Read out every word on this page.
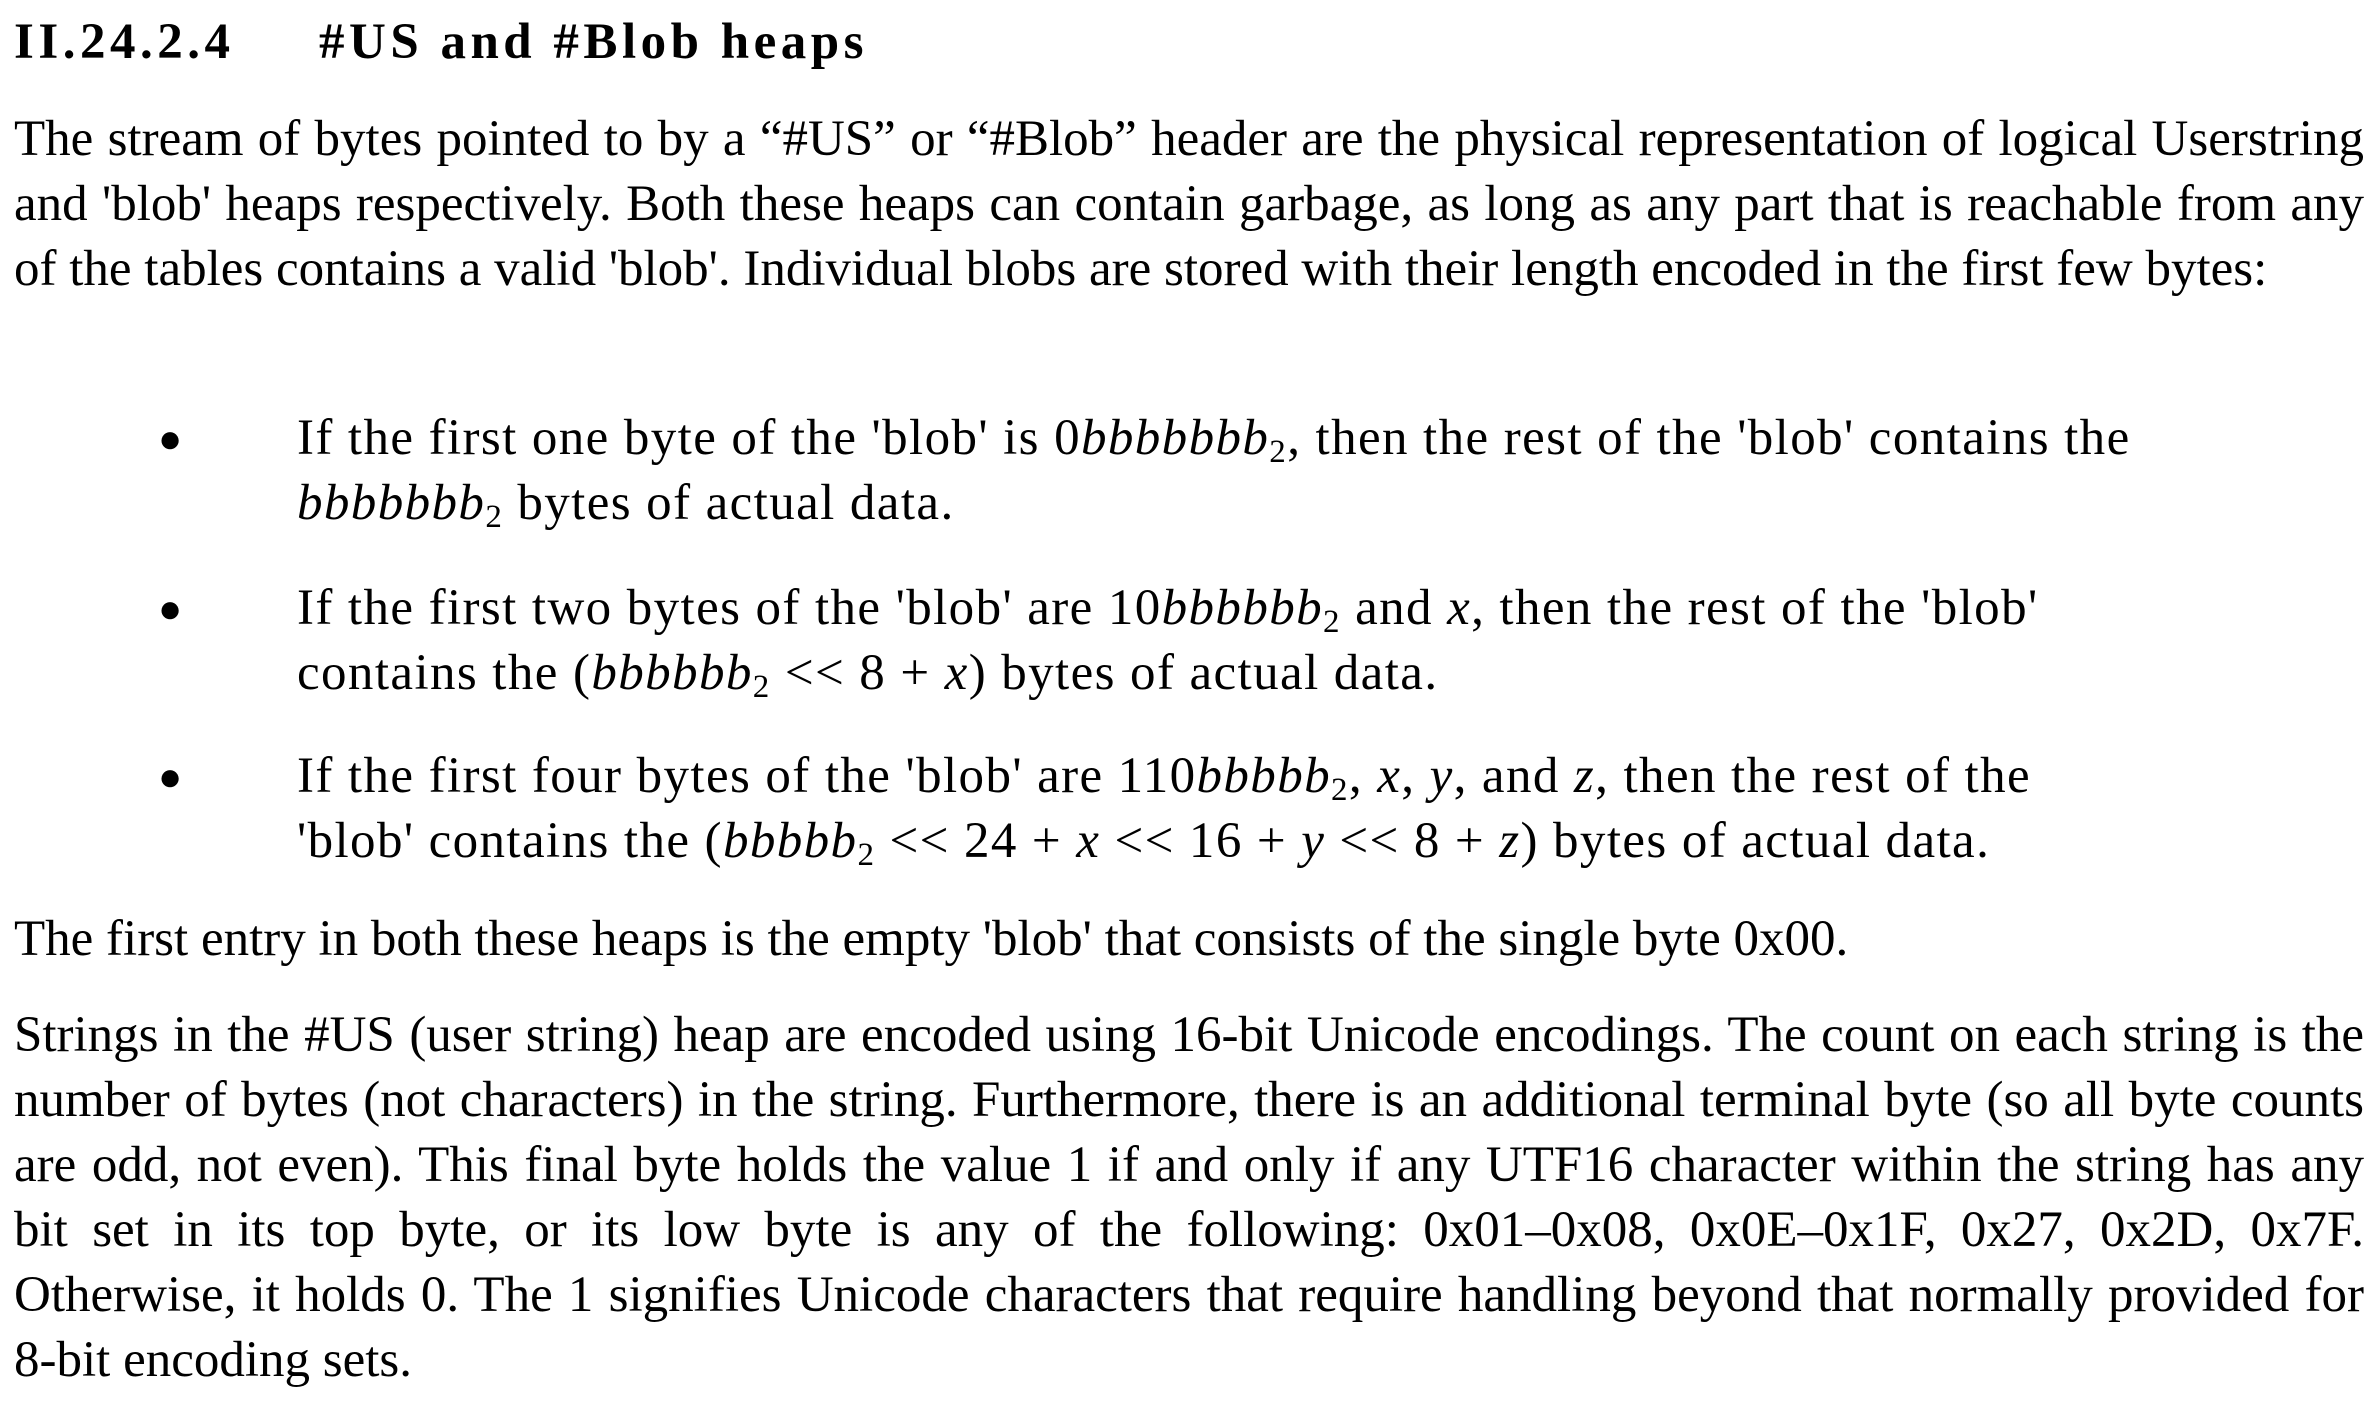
II.24.2.4 #US and #Blob heaps
The stream of bytes pointed to by a “#US” or “#Blob” header are the physical representation of logical Userstring and 'blob' heaps respectively. Both these heaps can contain garbage, as long as any part that is reachable from any of the tables contains a valid 'blob'. Individual blobs are stored with their length encoded in the first few bytes:
● If the first one byte of the 'blob' is 0bbbbbbb$_2$, then the rest of the 'blob' contains the
bbbbbbb$_2$ bytes of actual data.
● If the first two bytes of the 'blob' are 10bbbbbb$_2$ and x, then the rest of the 'blob'
contains the (bbbbbb$_2$ << 8 + x) bytes of actual data.
● If the first four bytes of the 'blob' are 110bbbbb$_2$, x, y, and z, then the rest of the
'blob' contains the (bbbbb$_2$ << 24 + x << 16 + y << 8 + z) bytes of actual data.
The first entry in both these heaps is the empty 'blob' that consists of the single byte 0x00.
Strings in the #US (user string) heap are encoded using 16-bit Unicode encodings. The count on each string is the number of bytes (not characters) in the string. Furthermore, there is an additional terminal byte (so all byte counts are odd, not even). This final byte holds the value 1 if and only if any UTF16 character within the string has any bit set in its top byte, or its low byte is any of the following: 0x01–0x08, 0x0E–0x1F, 0x27, 0x2D, 0x7F. Otherwise, it holds 0. The 1 signifies Unicode characters that require handling beyond that normally provided for 8-bit encoding sets.
